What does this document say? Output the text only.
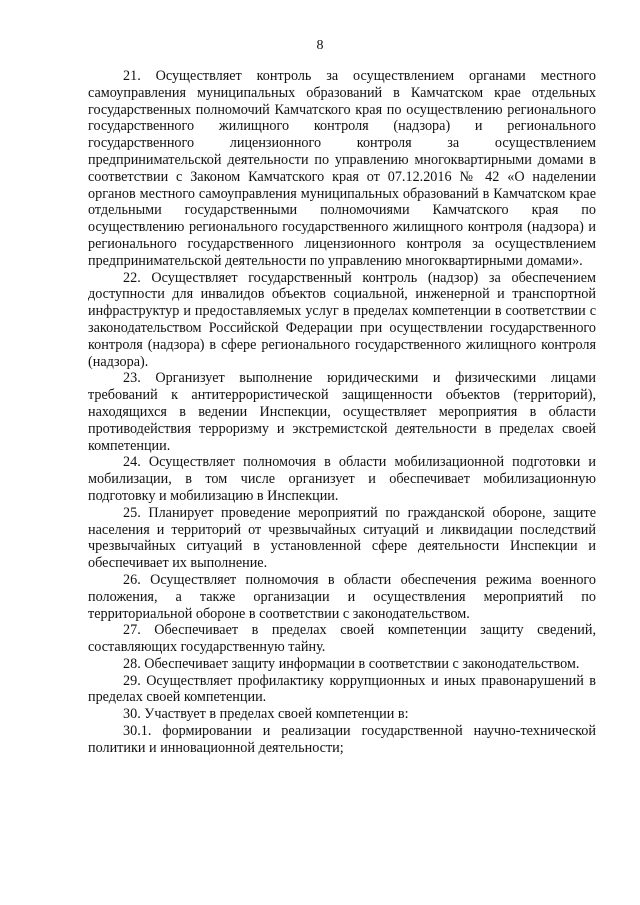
8

21. Осуществляет контроль за осуществлением органами местного самоуправления муниципальных образований в Камчатском крае отдельных государственных полномочий Камчатского края по осуществлению регионального государственного жилищного контроля (надзора) и регионального государственного лицензионного контроля за осуществлением предпринимательской деятельности по управлению многоквартирными домами в соответствии с Законом Камчатского края от 07.12.2016 № 42 «О наделении органов местного самоуправления муниципальных образований в Камчатском крае отдельными государственными полномочиями Камчатского края по осуществлению регионального государственного жилищного контроля (надзора) и регионального государственного лицензионного контроля за осуществлением предпринимательской деятельности по управлению многоквартирными домами».

22. Осуществляет государственный контроль (надзор) за обеспечением доступности для инвалидов объектов социальной, инженерной и транспортной инфраструктур и предоставляемых услуг в пределах компетенции в соответствии с законодательством Российской Федерации при осуществлении государственного контроля (надзора) в сфере регионального государственного жилищного контроля (надзора).

23. Организует выполнение юридическими и физическими лицами требований к антитеррористической защищенности объектов (территорий), находящихся в ведении Инспекции, осуществляет мероприятия в области противодействия терроризму и экстремистской деятельности в пределах своей компетенции.

24. Осуществляет полномочия в области мобилизационной подготовки и мобилизации, в том числе организует и обеспечивает мобилизационную подготовку и мобилизацию в Инспекции.

25. Планирует проведение мероприятий по гражданской обороне, защите населения и территорий от чрезвычайных ситуаций и ликвидации последствий чрезвычайных ситуаций в установленной сфере деятельности Инспекции и обеспечивает их выполнение.

26. Осуществляет полномочия в области обеспечения режима военного положения, а также организации и осуществления мероприятий по территориальной обороне в соответствии с законодательством.

27. Обеспечивает в пределах своей компетенции защиту сведений, составляющих государственную тайну.

28. Обеспечивает защиту информации в соответствии с законодательством.

29. Осуществляет профилактику коррупционных и иных правонарушений в пределах своей компетенции.

30. Участвует в пределах своей компетенции в:

30.1. формировании и реализации государственной научно-технической политики и инновационной деятельности;
